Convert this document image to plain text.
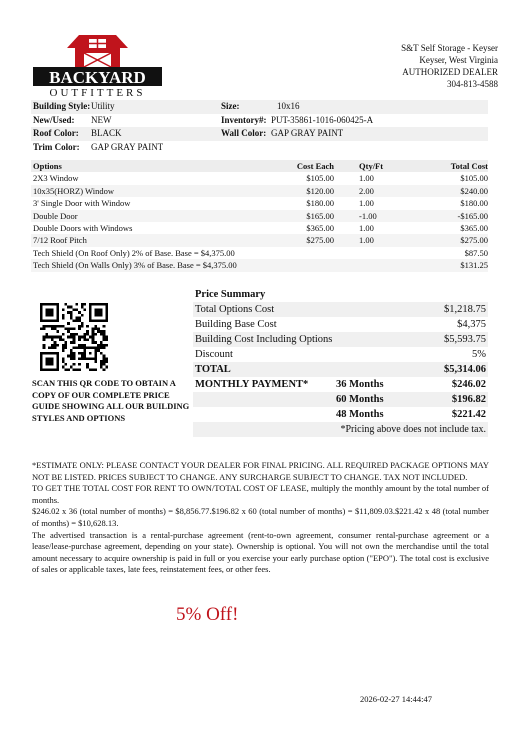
BACKYARD
OUTFITTERS
S&T Self Storage - Keyser
Keyser, West Virginia
AUTHORIZED DEALER
304-813-4588
Building Style: Utility	Size:	10x16
New/Used:	NEW	Inventory#: PUT-35861-1016-060425-A
Roof Color:	BLACK	Wall Color: GAP GRAY PAINT
Trim Color:	GAP GRAY PAINT
Options	Cost Each	Qty/Ft	Total Cost
2X3 Window	$105.00	1.00	$105.00
10x35(HORZ) Window	$120.00	2.00	$240.00
3' Single Door with Window	$180.00	1.00	$180.00
Double Door	$165.00	-1.00	-$165.00
Double Doors with Windows	$365.00	1.00	$365.00
7/12 Roof Pitch	$275.00	1.00	$275.00
Tech Shield (On Roof Only) 2% of Base. Base = $4,375.00	$87.50
Tech Shield (On Walls Only) 3% of Base. Base = $4,375.00	$131.25
SCAN THIS QR CODE TO OBTAIN A COPY OF OUR COMPLETE PRICE GUIDE SHOWING ALL OUR BUILDING STYLES AND OPTIONS
Price Summary
Total Options Cost	$1,218.75
Building Base Cost	$4,375
Building Cost Including Options	$5,593.75
Discount	5%
TOTAL	$5,314.06
MONTHLY PAYMENT*	36 Months	$246.02
60 Months	$196.82
48 Months	$221.42
*Pricing above does not include tax.

*ESTIMATE ONLY: PLEASE CONTACT YOUR DEALER FOR FINAL PRICING. ALL REQUIRED PACKAGE OPTIONS MAY NOT BE LISTED. PRICES SUBJECT TO CHANGE. ANY SURCHARGE SUBJECT TO CHANGE. TAX NOT INCLUDED.

TO GET THE TOTAL COST FOR RENT TO OWN/TOTAL COST OF LEASE, multiply the monthly amount by the total number of months.

$246.02 x 36 (total number of months) = $8,856.77.$196.82 x 60 (total number of months) = $11,809.03.$221.42 x 48 (total number of months) = $10,628.13.

The advertised transaction is a rental-purchase agreement (rent-to-own agreement, consumer rental-purchase agreement or a lease/lease-purchase agreement, depending on your state). Ownership is optional. You will not own the merchandise until the total amount necessary to acquire ownership is paid in full or you exercise your early purchase option ("EPO"). The total cost is exclusive of sales or applicable taxes, late fees, reinstatement fees, or other fees.

5% Off!
2026-02-27 14:44:47
